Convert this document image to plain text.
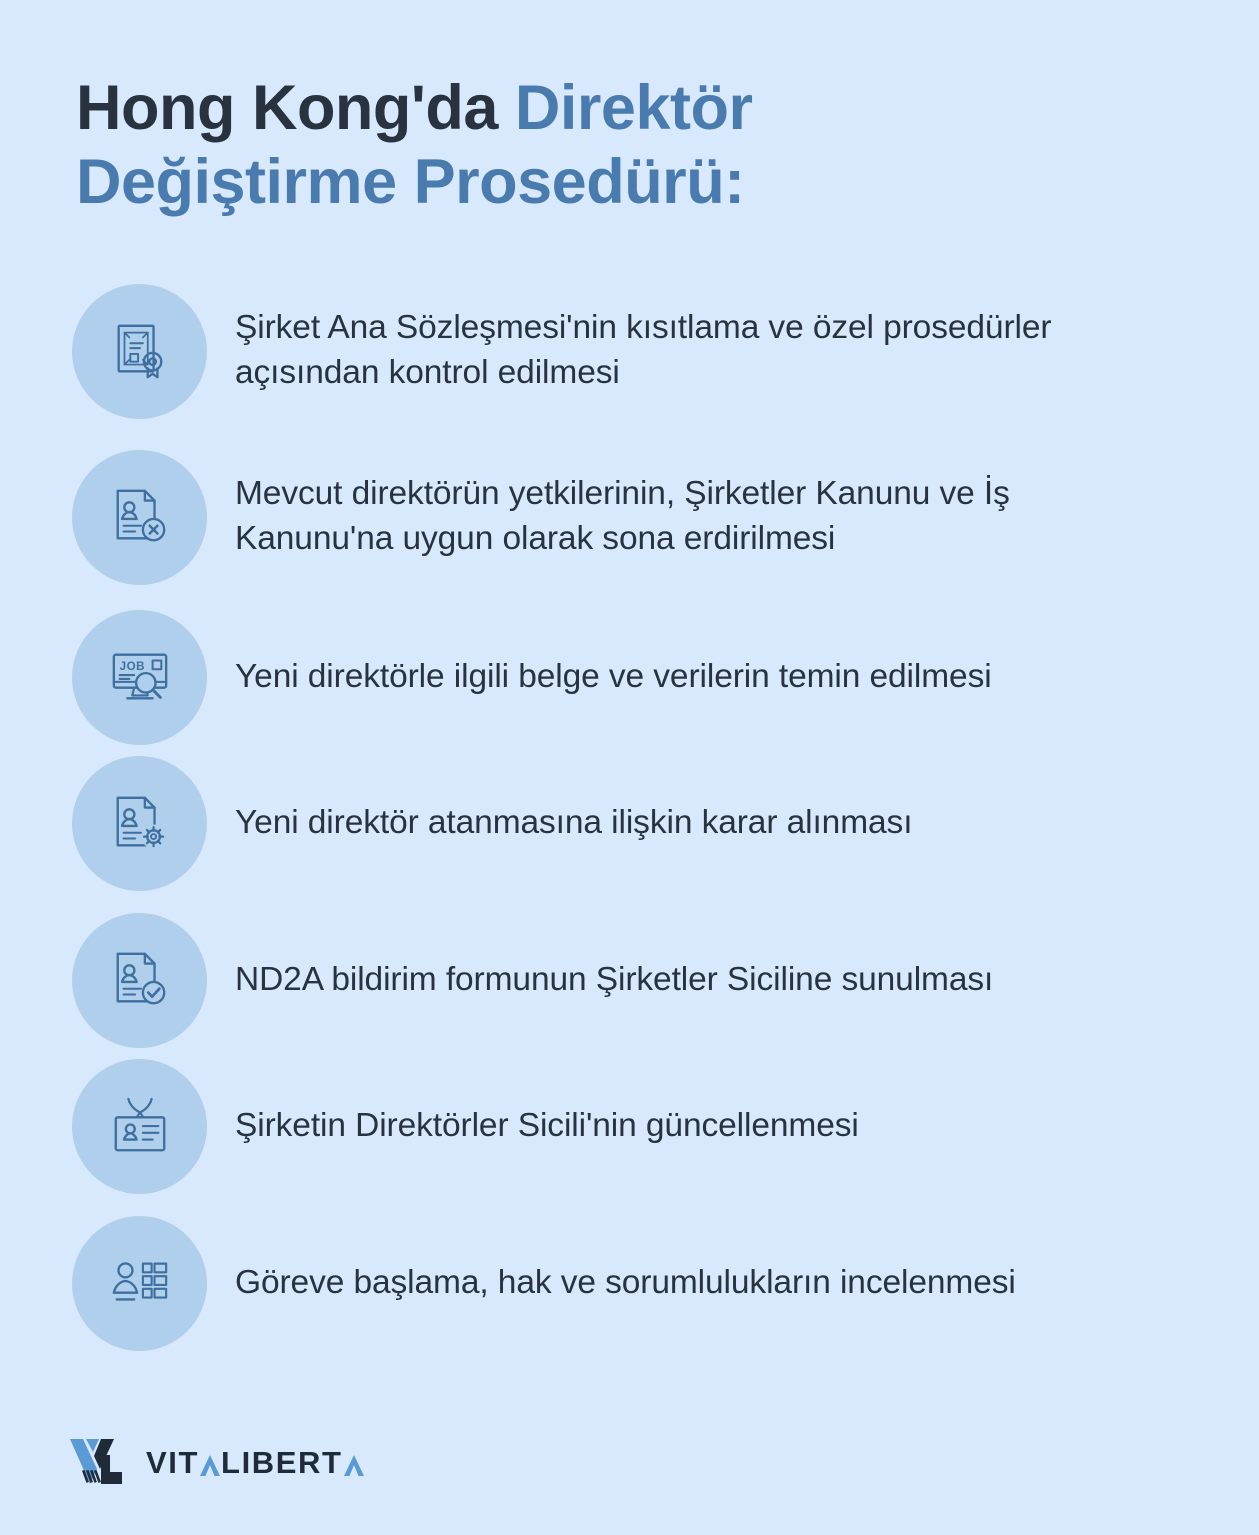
Hong Kong'da Direktör
Değiştirme Prosedürü:
Şirket Ana Sözleşmesi'nin kısıtlama ve özel prosedürler açısından kontrol edilmesi
Mevcut direktörün yetkilerinin, Şirketler Kanunu ve İş Kanunu'na uygun olarak sona erdirilmesi
JOB	Yeni direktörle ilgili belge ve verilerin temin edilmesi
Yeni direktör atanmasına ilişkin karar alınması
ND2A bildirim formunun Şirketler Siciline sunulması
Şirketin Direktörler Sicili'nin güncellenmesi
Göreve başlama, hak ve sorumlulukların incelenmesi
VIT LIBERT
